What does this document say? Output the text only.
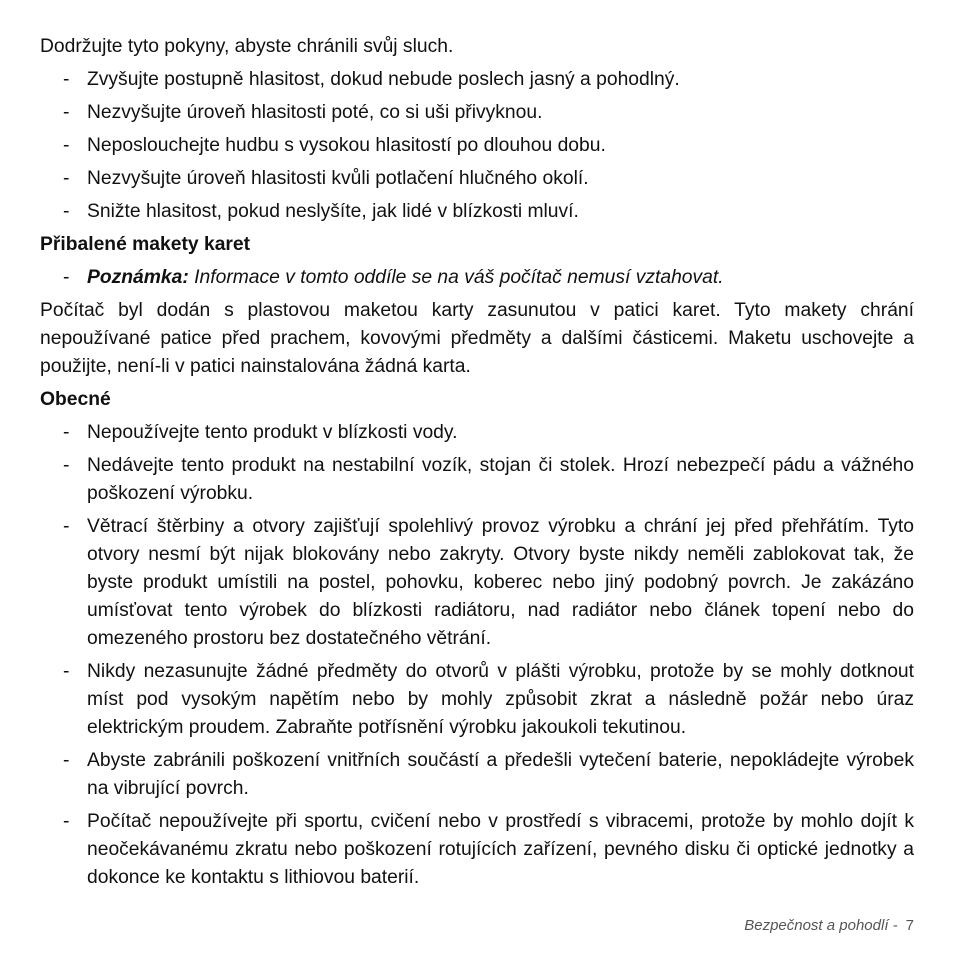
Dodržujte tyto pokyny, abyste chránili svůj sluch.

- Zvyšujte postupně hlasitost, dokud nebude poslech jasný a pohodlný.
- Nezvyšujte úroveň hlasitosti poté, co si uši přivyknou.
- Neposlouchejte hudbu s vysokou hlasitostí po dlouhou dobu.
- Nezvyšujte úroveň hlasitosti kvůli potlačení hlučného okolí.
- Snižte hlasitost, pokud neslyšíte, jak lidé v blízkosti mluví.

Přibalené makety karet

- Poznámka: Informace v tomto oddíle se na váš počítač nemusí vztahovat.

Počítač byl dodán s plastovou maketou karty zasunutou v patici karet. Tyto makety chrání nepoužívané patice před prachem, kovovými předměty a dalšími částicemi. Maketu uschovejte a použijte, není-li v patici nainstalována žádná karta.

Obecné

- Nepoužívejte tento produkt v blízkosti vody.
- Nedávejte tento produkt na nestabilní vozík, stojan či stolek. Hrozí nebezpečí pádu a vážného poškození výrobku.
- Větrací štěrbiny a otvory zajišťují spolehlivý provoz výrobku a chrání jej před přehřátím. Tyto otvory nesmí být nijak blokovány nebo zakryty. Otvory byste nikdy neměli zablokovat tak, že byste produkt umístili na postel, pohovku, koberec nebo jiný podobný povrch. Je zakázáno umísťovat tento výrobek do blízkosti radiátoru, nad radiátor nebo článek topení nebo do omezeného prostoru bez dostatečného větrání.
- Nikdy nezasunujte žádné předměty do otvorů v plášti výrobku, protože by se mohly dotknout míst pod vysokým napětím nebo by mohly způsobit zkrat a následně požár nebo úraz elektrickým proudem. Zabraňte potřísnění výrobku jakoukoli tekutinou.
- Abyste zabránili poškození vnitřních součástí a předešli vytečení baterie, nepokládejte výrobek na vibrující povrch.
- Počítač nepoužívejte při sportu, cvičení nebo v prostředí s vibracemi, protože by mohlo dojít k neočekávanému zkratu nebo poškození rotujících zařízení, pevného disku či optické jednotky a dokonce ke kontaktu s lithiovou baterií.
Bezpečnost a pohodlí - 7
